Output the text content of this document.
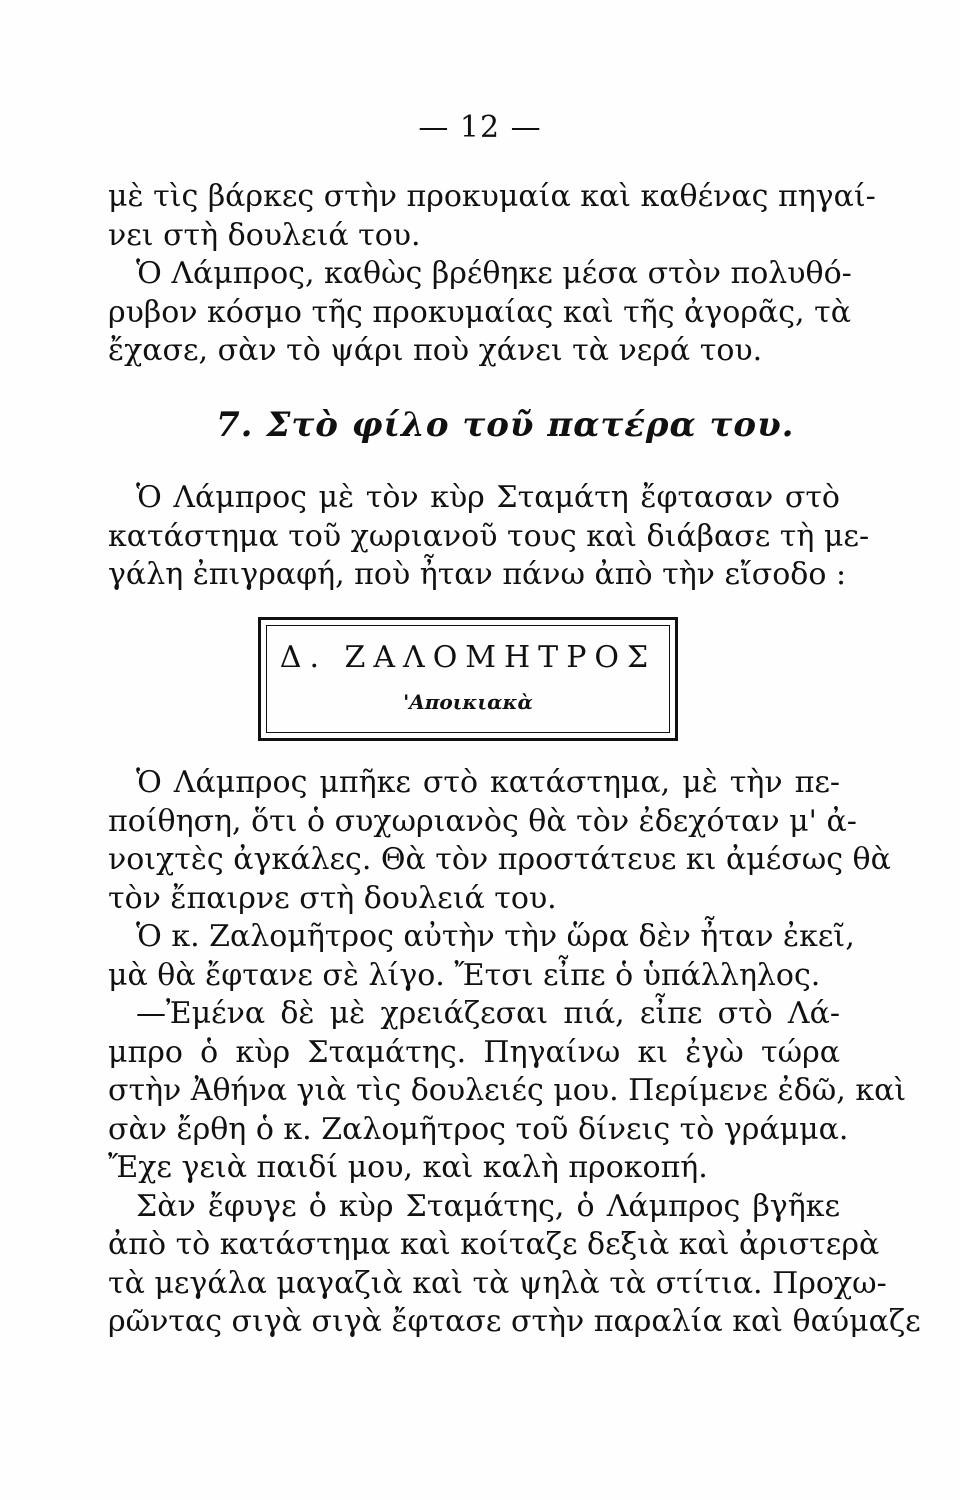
— 12 —
μὲ τὶς βάρκες στὴν προκυμαία καὶ καθένας πηγαί-
νει στὴ δουλειά του.
Ὁ Λάμπρος, καθὼς βρέθηκε μέσα στὸν πολυθό-
ρυβον κόσμο τῆς προκυμαίας καὶ τῆς ἀγορᾶς, τὰ
ἔχασε, σὰν τὸ ψάρι ποὺ χάνει τὰ νερά του.
7. Στὸ φίλο τοῦ πατέρα του.
Ὁ Λάμπρος μὲ τὸν κὺρ Σταμάτη ἔφτασαν στὸ
κατάστημα τοῦ χωριανοῦ τους καὶ διάβασε τὴ με-
γάλη ἐπιγραφή, ποὺ ἦταν πάνω ἀπὸ τὴν εἴσοδο :
Δ. ΖΑΛΟΜΗΤΡΟΣ
'Αποικιακὰ
Ὁ Λάμπρος μπῆκε στὸ κατάστημα, μὲ τὴν πε-
ποίθηση, ὅτι ὁ συχωριανὸς θὰ τὸν ἐδεχόταν μ' ἀ-
νοιχτὲς ἀγκάλες. Θὰ τὸν προστάτευε κι ἀμέσως θὰ
τὸν ἔπαιρνε στὴ δουλειά του.
Ὁ κ. Ζαλομῆτρος αὐτὴν τὴν ὥρα δὲν ἦταν ἐκεῖ,
μὰ θὰ ἔφτανε σὲ λίγο. Ἔτσι εἶπε ὁ ὑπάλληλος.
—Ἐμένα δὲ μὲ χρειάζεσαι πιά, εἶπε στὸ Λά-
μπρο ὁ κὺρ Σταμάτης. Πηγαίνω κι ἐγὼ τώρα
στὴν Ἀθήνα γιὰ τὶς δουλειές μου. Περίμενε ἐδῶ, καὶ
σὰν ἔρθη ὁ κ. Ζαλομῆτρος τοῦ δίνεις τὸ γράμμα.
Ἔχε γειὰ παιδί μου, καὶ καλὴ προκοπή.
Σὰν ἔφυγε ὁ κὺρ Σταμάτης, ὁ Λάμπρος βγῆκε
ἀπὸ τὸ κατάστημα καὶ κοίταζε δεξιὰ καὶ ἀριστερὰ
τὰ μεγάλα μαγαζιὰ καὶ τὰ ψηλὰ τὰ στίτια. Προχω-
ρῶντας σιγὰ σιγὰ ἔφτασε στὴν παραλία καὶ θαύμαζε
